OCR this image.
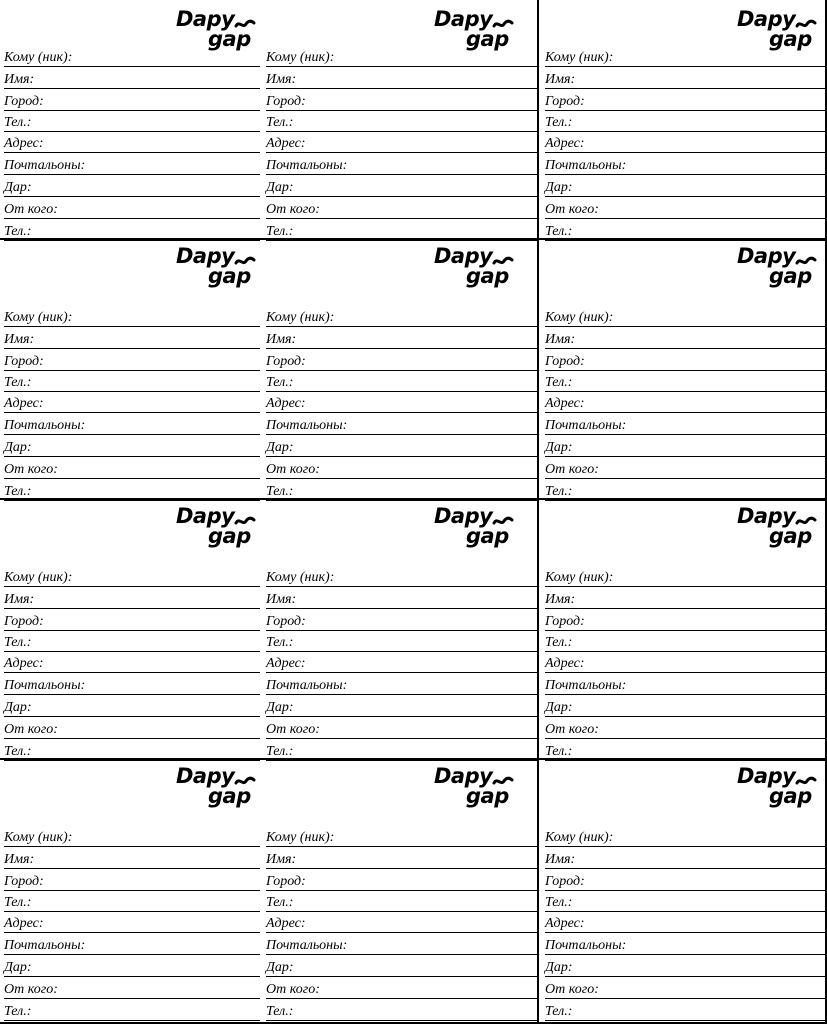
Dapy
gap
Кому (ник):
Имя:
Город:
Тел.:
Адрес:
Почтальоны:
Дар:
От кого:
Тел.:
Dapy
gap
Кому (ник):
Имя:
Город:
Тел.:
Адрес:
Почтальоны:
Дар:
От кого:
Тел.:
Dapy
gap
Кому (ник):
Имя:
Город:
Тел.:
Адрес:
Почтальоны:
Дар:
От кого:
Тел.:
Dapy
gap
Кому (ник):
Имя:
Город:
Тел.:
Адрес:
Почтальоны:
Дар:
От кого:
Тел.:
Dapy
gap
Кому (ник):
Имя:
Город:
Тел.:
Адрес:
Почтальоны:
Дар:
От кого:
Тел.:
Dapy
gap
Кому (ник):
Имя:
Город:
Тел.:
Адрес:
Почтальоны:
Дар:
От кого:
Тел.:
Dapy
gap
Кому (ник):
Имя:
Город:
Тел.:
Адрес:
Почтальоны:
Дар:
От кого:
Тел.:
Dapy
gap
Кому (ник):
Имя:
Город:
Тел.:
Адрес:
Почтальоны:
Дар:
От кого:
Тел.:
Dapy
gap
Кому (ник):
Имя:
Город:
Тел.:
Адрес:
Почтальоны:
Дар:
От кого:
Тел.:
Dapy
gap
Кому (ник):
Имя:
Город:
Тел.:
Адрес:
Почтальоны:
Дар:
От кого:
Тел.:
Dapy
gap
Кому (ник):
Имя:
Город:
Тел.:
Адрес:
Почтальоны:
Дар:
От кого:
Тел.:
Dapy
gap
Кому (ник):
Имя:
Город:
Тел.:
Адрес:
Почтальоны:
Дар:
От кого:
Тел.:
